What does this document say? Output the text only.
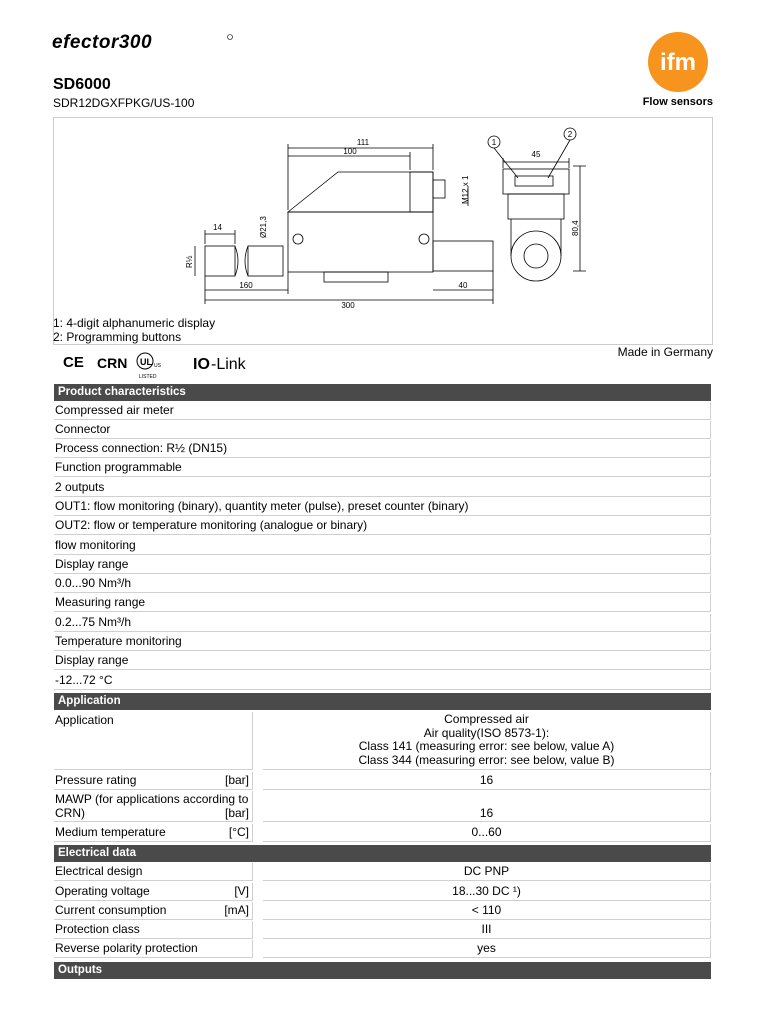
efector300
ifm
SD6000
SDR12DGXFPKG/US-100	Flow sensors
111
100	45
M12 x 1
80,4
14	Ø21,3
R½
160
300
40
1
2
1: 4-digit alphanumeric display
2: Programming buttons
Made in Germany
CE CRN UL US
LISTED
IO -Link
Product characteristics
Compressed air meter
Connector
Process connection: R½ (DN15)
Function programmable
2 outputs
OUT1: flow monitoring (binary), quantity meter (pulse), preset counter (binary)
OUT2: flow or temperature monitoring (analogue or binary)
flow monitoring
Display range
0.0...90 Nm³/h
Measuring range
0.2...75 Nm³/h
Temperature monitoring
Display range
-12...72 °C
Application
Application	Compressed air
Air quality(ISO 8573-1):
Class 141 (measuring error: see below, value A)
Class 344 (measuring error: see below, value B)
Pressure rating	[bar]	16
MAWP (for applications according to
CRN)	[bar]	16
Medium temperature	[°C]	0...60
Electrical data
Electrical design	DC PNP
Operating voltage	[V]	18...30 DC ¹)
Current consumption	[mA]	< 110
Protection class	III
Reverse polarity protection	yes
Outputs
